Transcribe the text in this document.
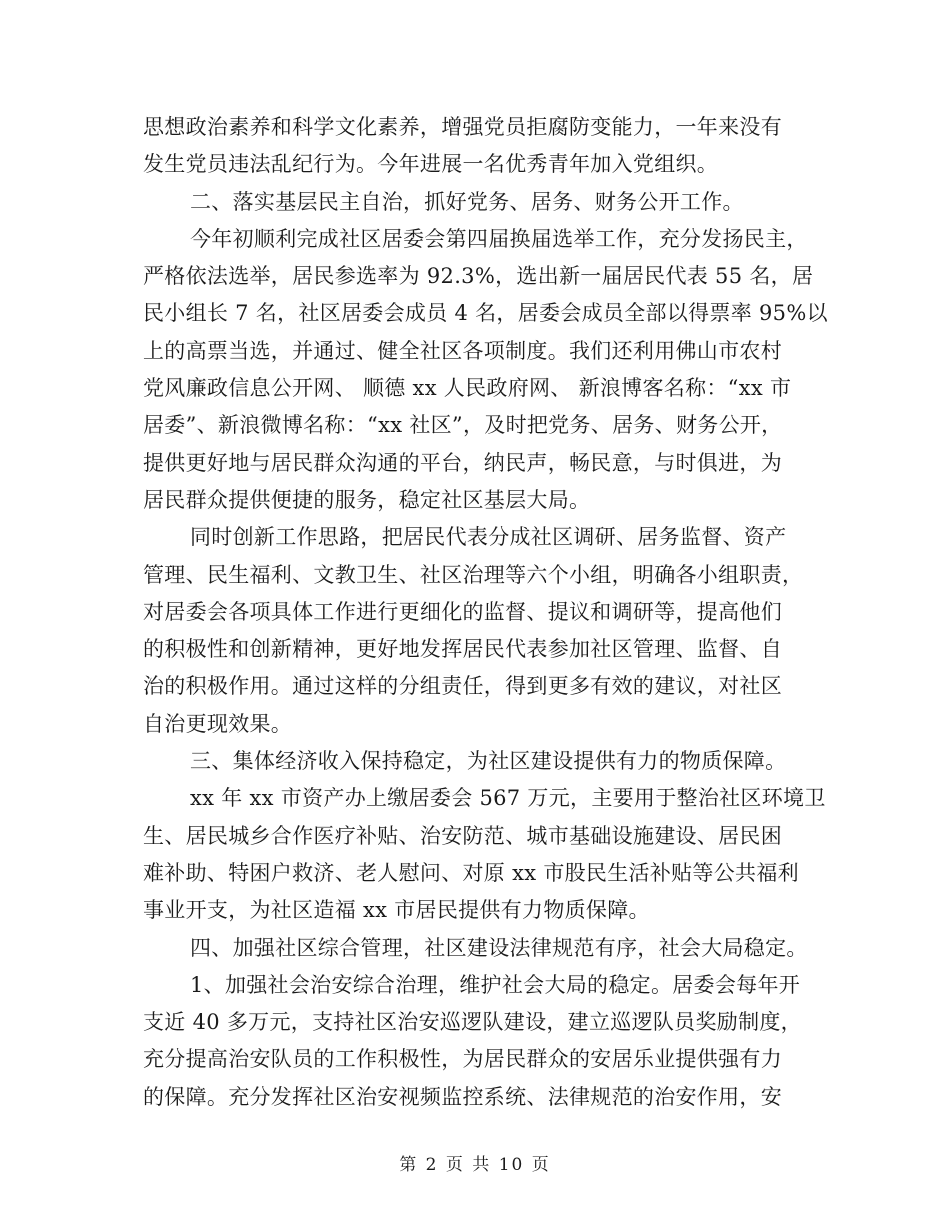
思想政治素养和科学文化素养，增强党员拒腐防变能力，一年来没有
发生党员违法乱纪行为。今年进展一名优秀青年加入党组织。
二、落实基层民主自治，抓好党务、居务、财务公开工作。
今年初顺利完成社区居委会第四届换届选举工作，充分发扬民主，
严格依法选举，居民参选率为 92.3%，选出新一届居民代表 55 名，居
民小组长 7 名，社区居委会成员 4 名，居委会成员全部以得票率 95%以
上的高票当选，并通过、健全社区各项制度。我们还利用佛山市农村
党风廉政信息公开网、 顺德 xx 人民政府网、 新浪博客名称：“xx 市
居委”、新浪微博名称：“xx 社区”，及时把党务、居务、财务公开，
提供更好地与居民群众沟通的平台，纳民声，畅民意，与时俱进，为
居民群众提供便捷的服务，稳定社区基层大局。
同时创新工作思路，把居民代表分成社区调研、居务监督、资产
管理、民生福利、文教卫生、社区治理等六个小组，明确各小组职责，
对居委会各项具体工作进行更细化的监督、提议和调研等，提高他们
的积极性和创新精神，更好地发挥居民代表参加社区管理、监督、自
治的积极作用。通过这样的分组责任，得到更多有效的建议，对社区
自治更现效果。
三、集体经济收入保持稳定，为社区建设提供有力的物质保障。
xx 年 xx 市资产办上缴居委会 567 万元，主要用于整治社区环境卫
生、居民城乡合作医疗补贴、治安防范、城市基础设施建设、居民困
难补助、特困户救济、老人慰问、对原 xx 市股民生活补贴等公共福利
事业开支，为社区造福 xx 市居民提供有力物质保障。
四、加强社区综合管理，社区建设法律规范有序，社会大局稳定。
1、加强社会治安综合治理，维护社会大局的稳定。居委会每年开
支近 40 多万元，支持社区治安巡逻队建设，建立巡逻队员奖励制度，
充分提高治安队员的工作积极性，为居民群众的安居乐业提供强有力
的保障。充分发挥社区治安视频监控系统、法律规范的治安作用，安
第 2 页 共 10 页
